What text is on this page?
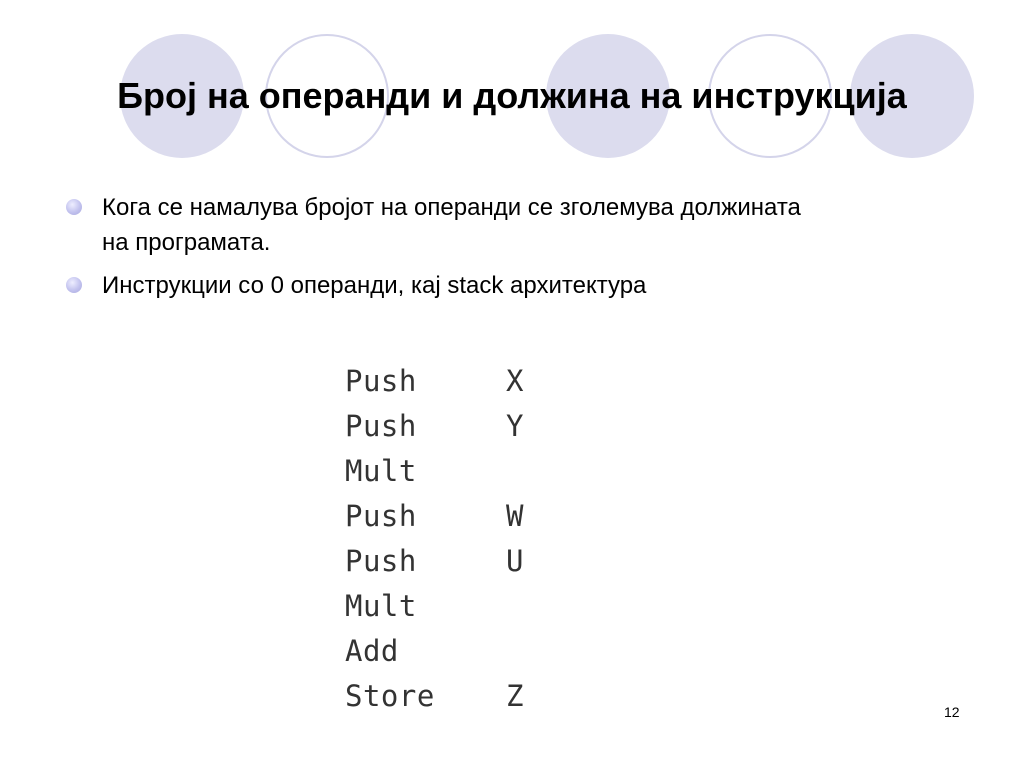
Број на операнди и должина на инструкција
Кога се намалува бројот на операнди се зголемува должината на програмата.
Инструкции со 0 операнди, кај stack архитектура
Push	X
Push	Y
Mult
Push	W
Push	U
Mult
Add
Store Z	12
